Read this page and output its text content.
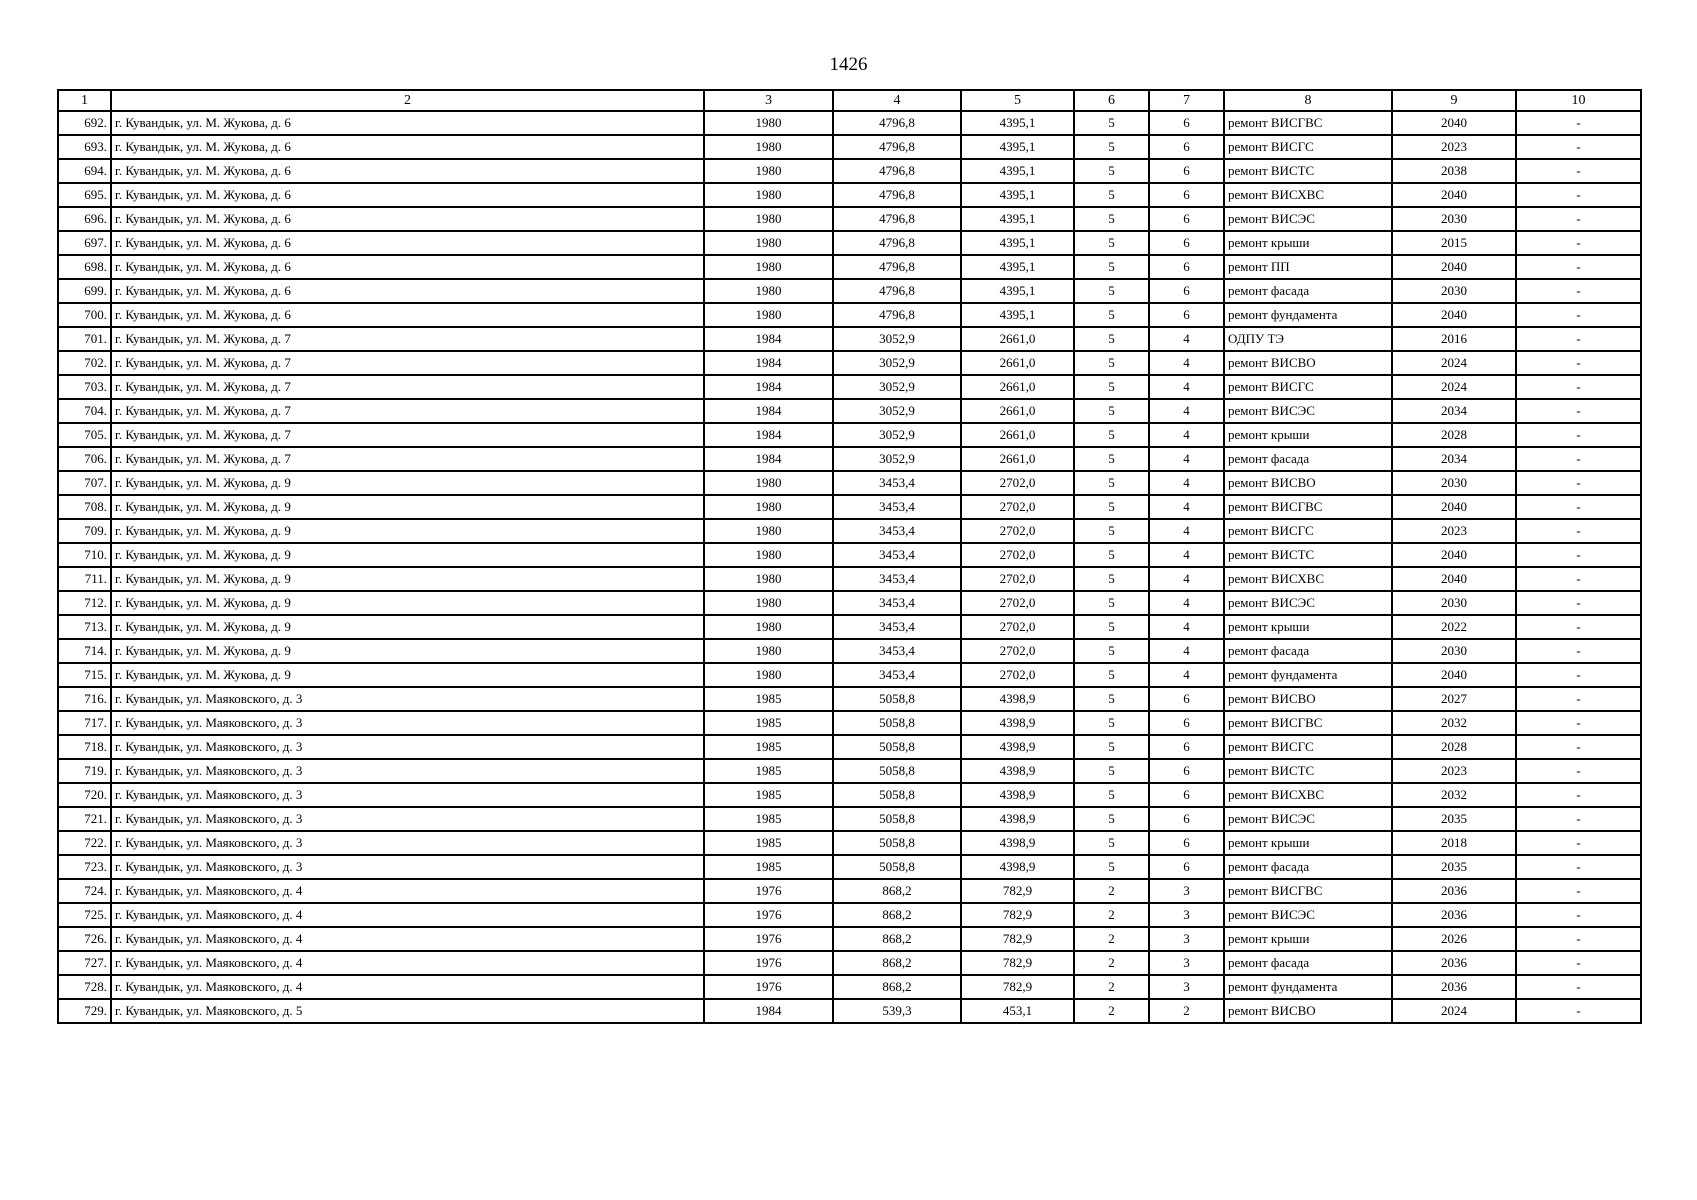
1426
1	2	3	4	5	6	7	8	9	10
692.	г. Кувандык, ул. М. Жукова, д. 6	1980	4796,8	4395,1	5	6	ремонт ВИСГВС	2040	-
693.	г. Кувандык, ул. М. Жукова, д. 6	1980	4796,8	4395,1	5	6	ремонт ВИСГС	2023	-
694.	г. Кувандык, ул. М. Жукова, д. 6	1980	4796,8	4395,1	5	6	ремонт ВИСТС	2038	-
695.	г. Кувандык, ул. М. Жукова, д. 6	1980	4796,8	4395,1	5	6	ремонт ВИСХВС	2040	-
696.	г. Кувандык, ул. М. Жукова, д. 6	1980	4796,8	4395,1	5	6	ремонт ВИСЭС	2030	-
697.	г. Кувандык, ул. М. Жукова, д. 6	1980	4796,8	4395,1	5	6	ремонт крыши	2015	-
698.	г. Кувандык, ул. М. Жукова, д. 6	1980	4796,8	4395,1	5	6	ремонт ПП	2040	-
699.	г. Кувандык, ул. М. Жукова, д. 6	1980	4796,8	4395,1	5	6	ремонт фасада	2030	-
700.	г. Кувандык, ул. М. Жукова, д. 6	1980	4796,8	4395,1	5	6	ремонт фундамента	2040	-
701.	г. Кувандык, ул. М. Жукова, д. 7	1984	3052,9	2661,0	5	4	ОДПУ ТЭ	2016	-
702.	г. Кувандык, ул. М. Жукова, д. 7	1984	3052,9	2661,0	5	4	ремонт ВИСВО	2024	-
703.	г. Кувандык, ул. М. Жукова, д. 7	1984	3052,9	2661,0	5	4	ремонт ВИСГС	2024	-
704.	г. Кувандык, ул. М. Жукова, д. 7	1984	3052,9	2661,0	5	4	ремонт ВИСЭС	2034	-
705.	г. Кувандык, ул. М. Жукова, д. 7	1984	3052,9	2661,0	5	4	ремонт крыши	2028	-
706.	г. Кувандык, ул. М. Жукова, д. 7	1984	3052,9	2661,0	5	4	ремонт фасада	2034	-
707.	г. Кувандык, ул. М. Жукова, д. 9	1980	3453,4	2702,0	5	4	ремонт ВИСВО	2030	-
708.	г. Кувандык, ул. М. Жукова, д. 9	1980	3453,4	2702,0	5	4	ремонт ВИСГВС	2040	-
709.	г. Кувандык, ул. М. Жукова, д. 9	1980	3453,4	2702,0	5	4	ремонт ВИСГС	2023	-
710.	г. Кувандык, ул. М. Жукова, д. 9	1980	3453,4	2702,0	5	4	ремонт ВИСТС	2040	-
711.	г. Кувандык, ул. М. Жукова, д. 9	1980	3453,4	2702,0	5	4	ремонт ВИСХВС	2040	-
712.	г. Кувандык, ул. М. Жукова, д. 9	1980	3453,4	2702,0	5	4	ремонт ВИСЭС	2030	-
713.	г. Кувандык, ул. М. Жукова, д. 9	1980	3453,4	2702,0	5	4	ремонт крыши	2022	-
714.	г. Кувандык, ул. М. Жукова, д. 9	1980	3453,4	2702,0	5	4	ремонт фасада	2030	-
715.	г. Кувандык, ул. М. Жукова, д. 9	1980	3453,4	2702,0	5	4	ремонт фундамента	2040	-
716.	г. Кувандык, ул. Маяковского, д. 3	1985	5058,8	4398,9	5	6	ремонт ВИСВО	2027	-
717.	г. Кувандык, ул. Маяковского, д. 3	1985	5058,8	4398,9	5	6	ремонт ВИСГВС	2032	-
718.	г. Кувандык, ул. Маяковского, д. 3	1985	5058,8	4398,9	5	6	ремонт ВИСГС	2028	-
719.	г. Кувандык, ул. Маяковского, д. 3	1985	5058,8	4398,9	5	6	ремонт ВИСТС	2023	-
720.	г. Кувандык, ул. Маяковского, д. 3	1985	5058,8	4398,9	5	6	ремонт ВИСХВС	2032	-
721.	г. Кувандык, ул. Маяковского, д. 3	1985	5058,8	4398,9	5	6	ремонт ВИСЭС	2035	-
722.	г. Кувандык, ул. Маяковского, д. 3	1985	5058,8	4398,9	5	6	ремонт крыши	2018	-
723.	г. Кувандык, ул. Маяковского, д. 3	1985	5058,8	4398,9	5	6	ремонт фасада	2035	-
724.	г. Кувандык, ул. Маяковского, д. 4	1976	868,2	782,9	2	3	ремонт ВИСГВС	2036	-
725.	г. Кувандык, ул. Маяковского, д. 4	1976	868,2	782,9	2	3	ремонт ВИСЭС	2036	-
726.	г. Кувандык, ул. Маяковского, д. 4	1976	868,2	782,9	2	3	ремонт крыши	2026	-
727.	г. Кувандык, ул. Маяковского, д. 4	1976	868,2	782,9	2	3	ремонт фасада	2036	-
728.	г. Кувандык, ул. Маяковского, д. 4	1976	868,2	782,9	2	3	ремонт фундамента	2036	-
729.	г. Кувандык, ул. Маяковского, д. 5	1984	539,3	453,1	2	2	ремонт ВИСВО	2024	-
